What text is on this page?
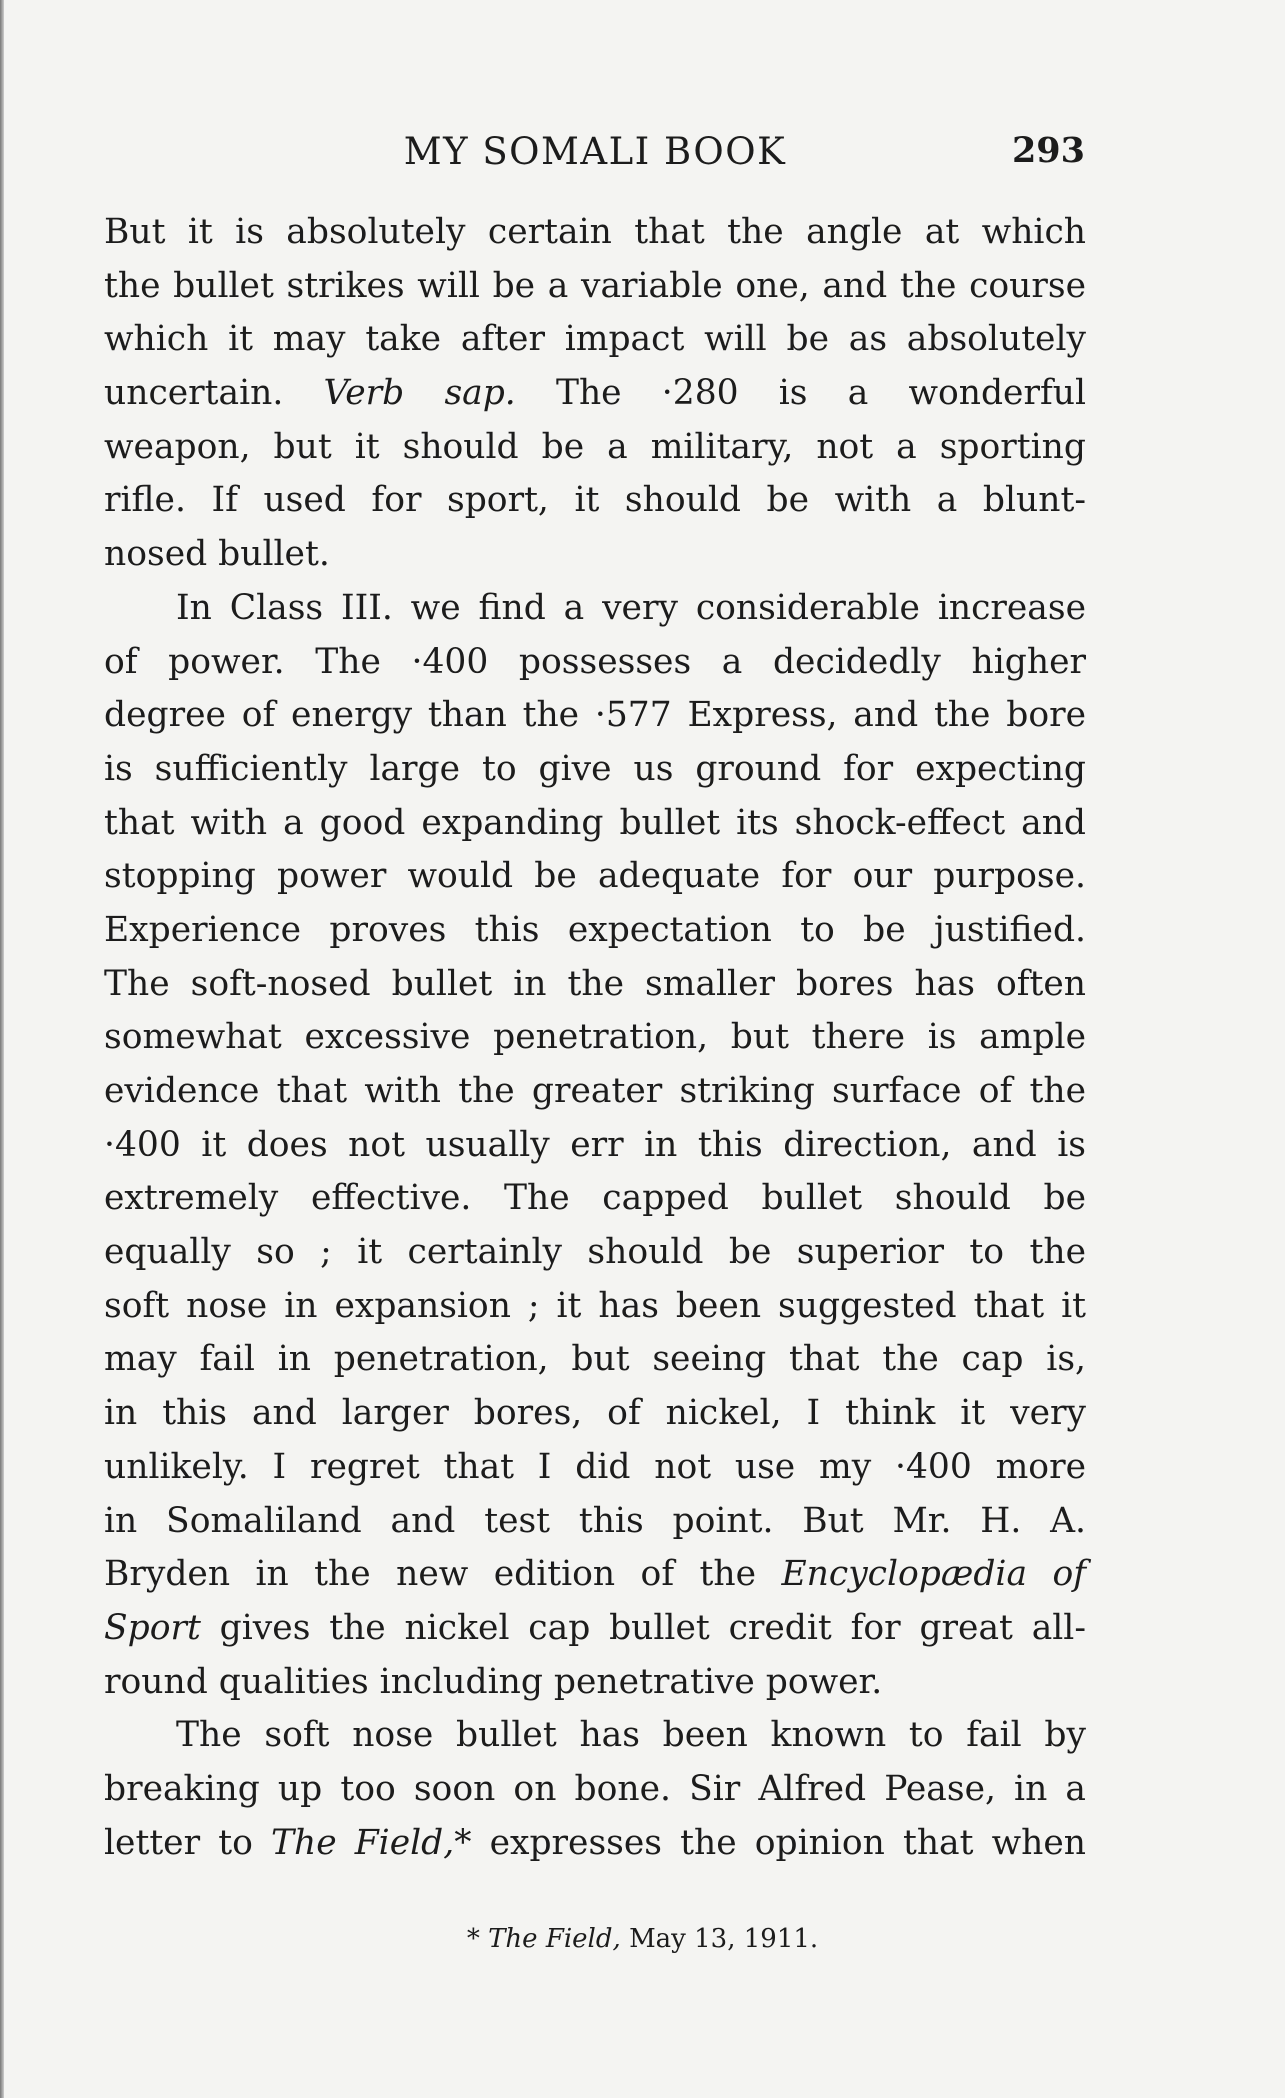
MY SOMALI BOOK	293
But it is absolutely certain that the angle at which
the bullet strikes will be a variable one, and the course
which it may take after impact will be as absolutely
uncertain. Verb sap. The ·280 is a wonderful
weapon, but it should be a military, not a sporting
rifle. If used for sport, it should be with a blunt-
nosed bullet.
In Class III. we find a very considerable increase
of power. The ·400 possesses a decidedly higher
degree of energy than the ·577 Express, and the bore
is sufficiently large to give us ground for expecting
that with a good expanding bullet its shock-effect and
stopping power would be adequate for our purpose.
Experience proves this expectation to be justified.
The soft-nosed bullet in the smaller bores has often
somewhat excessive penetration, but there is ample
evidence that with the greater striking surface of the
·400 it does not usually err in this direction, and is
extremely effective. The capped bullet should be
equally so ; it certainly should be superior to the
soft nose in expansion ; it has been suggested that it
may fail in penetration, but seeing that the cap is,
in this and larger bores, of nickel, I think it very
unlikely. I regret that I did not use my ·400 more
in Somaliland and test this point. But Mr. H. A.
Bryden in the new edition of the Encyclopædia of
Sport gives the nickel cap bullet credit for great all-
round qualities including penetrative power.
The soft nose bullet has been known to fail by
breaking up too soon on bone. Sir Alfred Pease, in a
letter to The Field,* expresses the opinion that when
* The Field, May 13, 1911.
